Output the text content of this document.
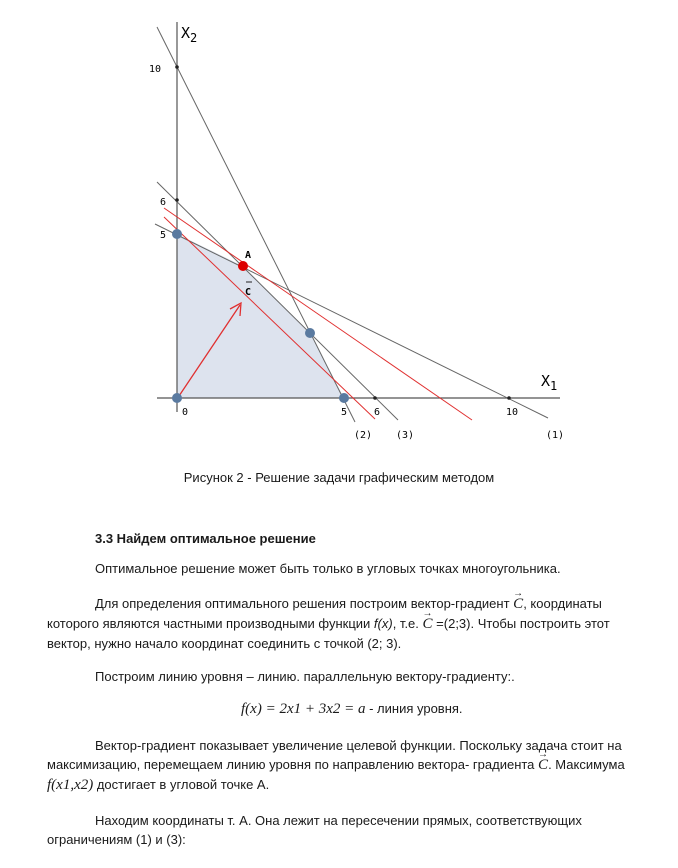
$X_2$
$X_1$
10
6
5
0	5	6	10
(2) (3)	(1)
A
C
Рисунок 2 - Решение задачи графическим методом
3.3 Найдем оптимальное решение
Оптимальное решение может быть только в угловых точках многоугольника.
Для определения оптимального решения построим вектор-градиент → C, координаты
которого являются частными производными функции f(x), т.е. → C =(2;3). Чтобы построить этот
вектор, нужно начало координат соединить с точкой (2; 3).
Построим линию уровня – линию. параллельную вектору-градиенту:.
f(x) = 2x1 + 3x2 = a - линия уровня.
Вектор-градиент показывает увеличение целевой функции. Поскольку задача стоит на
максимизацию, перемещаем линию уровня по направлению вектора- градиента → C. Максимума
f(x1,x2) достигает в угловой точке А.
Находим координаты т. А. Она лежит на пересечении прямых, соответствующих
ограничениям (1) и (3):
